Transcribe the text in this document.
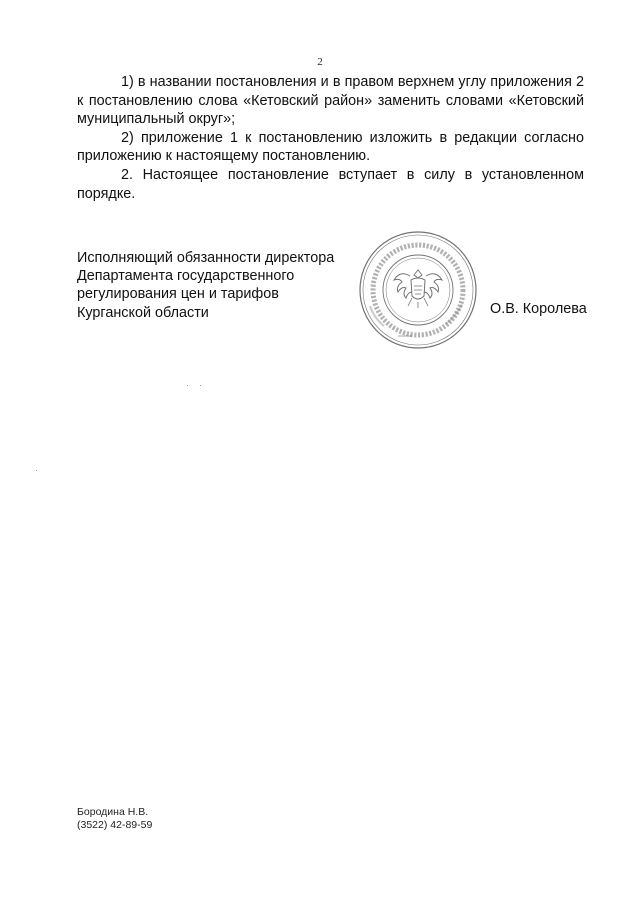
2

1) в названии постановления и в правом верхнем углу приложения 2 к постановлению слова «Кетовский район» заменить словами «Кетовский муниципальный округ»;

2) приложение 1 к постановлению изложить в редакции согласно приложению к настоящему постановлению.

2. Настоящее постановление вступает в силу в установленном порядке.

Исполняющий обязанности директора
Департамента государственного
регулирования цен и тарифов
Курганской области	О.В. Королева
Бородина Н.В.
(3522) 42-89-59
